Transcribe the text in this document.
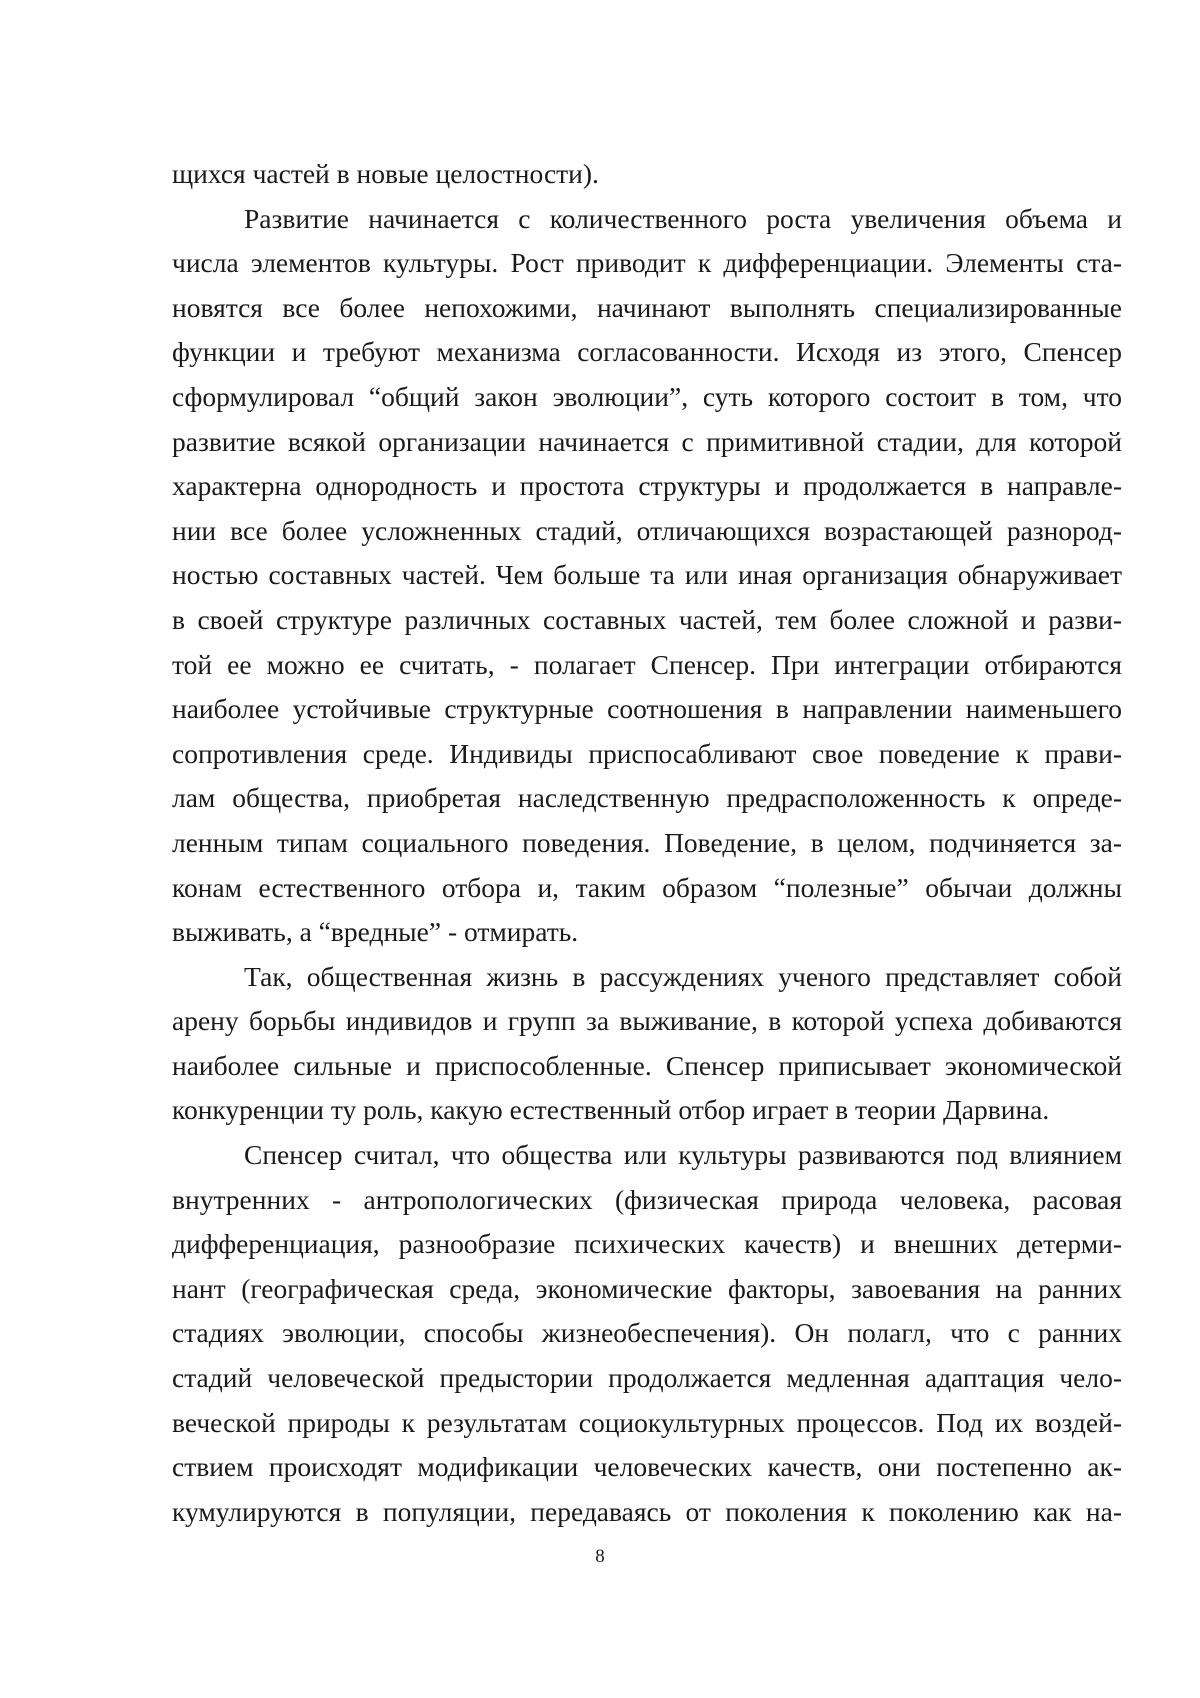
щихся частей в новые целостности).
Развитие начинается с количественного роста увеличения объема и
числа элементов культуры. Рост приводит к дифференциации. Элементы ста-
новятся все более непохожими, начинают выполнять специализированные
функции и требуют механизма согласованности. Исходя из этого, Спенсер
сформулировал “общий закон эволюции”, суть которого состоит в том, что
развитие всякой организации начинается с примитивной стадии, для которой
характерна однородность и простота структуры и продолжается в направле-
нии все более усложненных стадий, отличающихся возрастающей разнород-
ностью составных частей. Чем больше та или иная организация обнаруживает
в своей структуре различных составных частей, тем более сложной и разви-
той ее можно ее считать, - полагает Спенсер. При интеграции отбираются
наиболее устойчивые структурные соотношения в направлении наименьшего
сопротивления среде. Индивиды приспосабливают свое поведение к прави-
лам общества, приобретая наследственную предрасположенность к опреде-
ленным типам социального поведения. Поведение, в целом, подчиняется за-
конам естественного отбора и, таким образом “полезные” обычаи должны
выживать, а “вредные” - отмирать.
Так, общественная жизнь в рассуждениях ученого представляет собой
арену борьбы индивидов и групп за выживание, в которой успеха добиваются
наиболее сильные и приспособленные. Спенсер приписывает экономической
конкуренции ту роль, какую естественный отбор играет в теории Дарвина.
Спенсер считал, что общества или культуры развиваются под влиянием
внутренних - антропологических (физическая природа человека, расовая
дифференциация, разнообразие психических качеств) и внешних детерми-
нант (географическая среда, экономические факторы, завоевания на ранних
стадиях эволюции, способы жизнеобеспечения). Он полагл, что с ранних
стадий человеческой предыстории продолжается медленная адаптация чело-
веческой природы к результатам социокультурных процессов. Под их воздей-
ствием происходят модификации человеческих качеств, они постепенно ак-
кумулируются в популяции, передаваясь от поколения к поколению как на-
8
